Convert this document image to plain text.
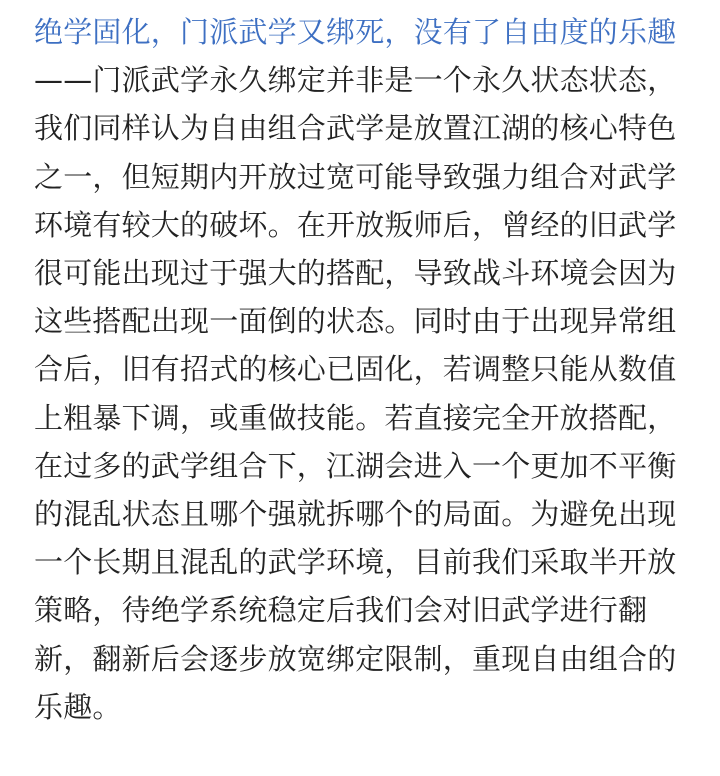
绝学固化，门派武学又绑死，没有了自由度的乐趣——门派武学永久绑定并非是一个永久状态状态，我们同样认为自由组合武学是放置江湖的核心特色之一，但短期内开放过宽可能导致强力组合对武学环境有较大的破坏。在开放叛师后，曾经的旧武学很可能出现过于强大的搭配，导致战斗环境会因为这些搭配出现一面倒的状态。同时由于出现异常组合后，旧有招式的核心已固化，若调整只能从数值上粗暴下调，或重做技能。若直接完全开放搭配，在过多的武学组合下，江湖会进入一个更加不平衡的混乱状态且哪个强就拆哪个的局面。为避免出现一个长期且混乱的武学环境，目前我们采取半开放策略，待绝学系统稳定后我们会对旧武学进行翻新，翻新后会逐步放宽绑定限制，重现自由组合的乐趣。
